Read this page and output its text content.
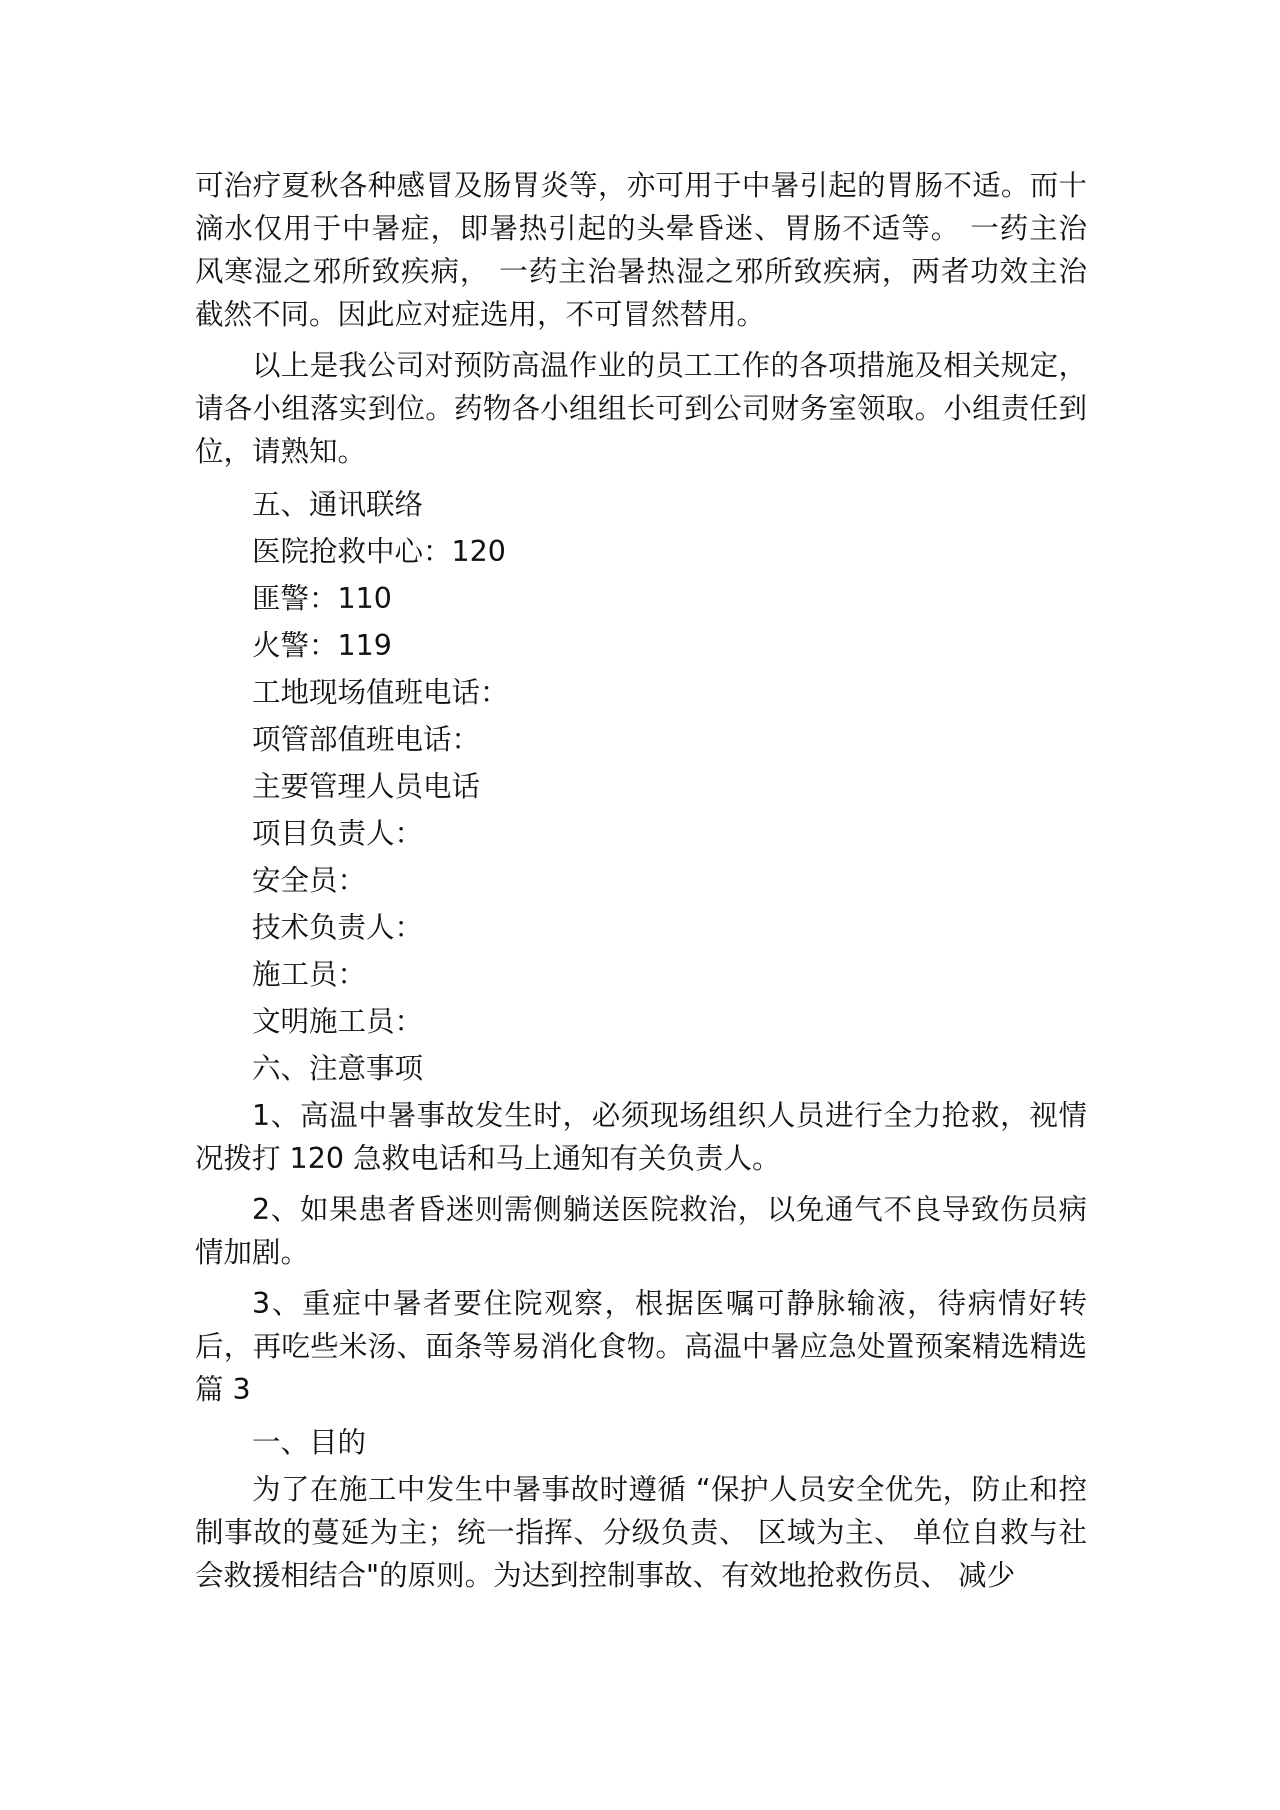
可治疗夏秋各种感冒及肠胃炎等，亦可用于中暑引起的胃肠不适。而十滴水仅用于中暑症，即暑热引起的头晕昏迷、胃肠不适等。 一药主治风寒湿之邪所致疾病， 一药主治暑热湿之邪所致疾病，两者功效主治截然不同。因此应对症选用，不可冒然替用。

以上是我公司对预防高温作业的员工工作的各项措施及相关规定，请各小组落实到位。药物各小组组长可到公司财务室领取。小组责任到位，请熟知。

五、通讯联络

医院抢救中心：120

匪警：110

火警：119

工地现场值班电话：

项管部值班电话：

主要管理人员电话

项目负责人：

安全员：

技术负责人：

施工员：

文明施工员：

六、注意事项

1、高温中暑事故发生时，必须现场组织人员进行全力抢救，视情况拨打 120 急救电话和马上通知有关负责人。

2、如果患者昏迷则需侧躺送医院救治，以免通气不良导致伤员病情加剧。

3、重症中暑者要住院观察，根据医嘱可静脉输液，待病情好转后，再吃些米汤、面条等易消化食物。高温中暑应急处置预案精选精选篇 3

一、目的

为了在施工中发生中暑事故时遵循 “保护人员安全优先，防止和控制事故的蔓延为主；统一指挥、分级负责、 区域为主、 单位自救与社会救援相结合"的原则。为达到控制事故、有效地抢救伤员、 减少
